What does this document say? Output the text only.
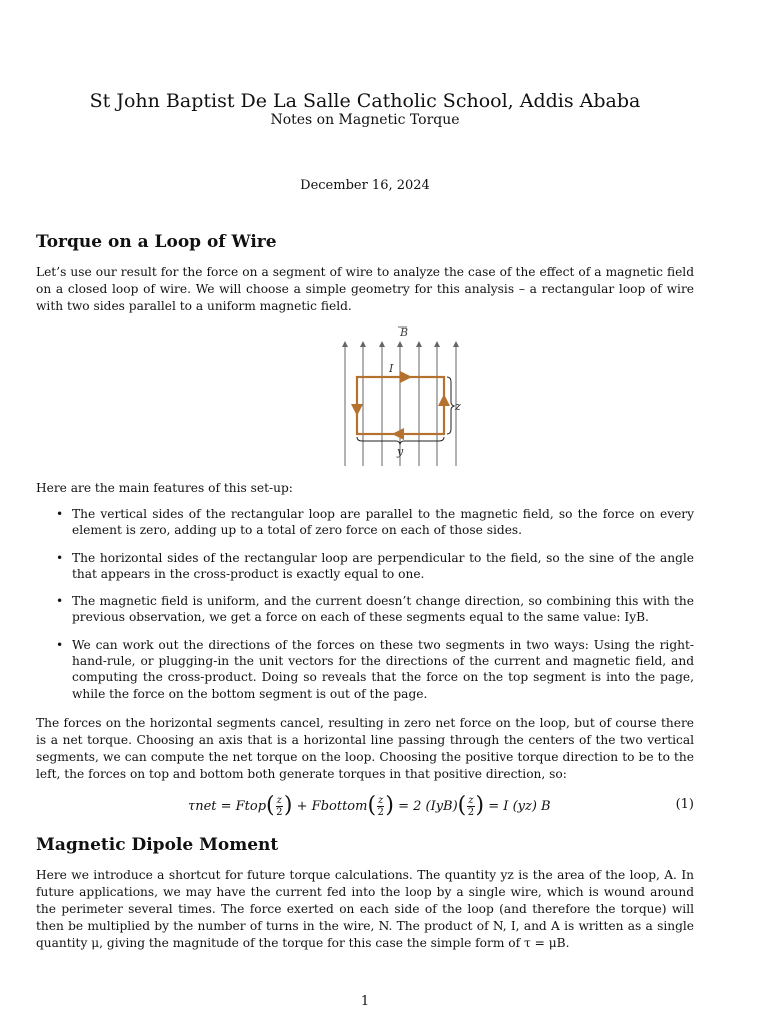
St John Baptist De La Salle Catholic School, Addis Ababa
Notes on Magnetic Torque
December 16, 2024
Torque on a Loop of Wire

Let’s use our result for the force on a segment of wire to analyze the case of the effect of a magnetic field on a closed loop of wire. We will choose a simple geometry for this analysis – a rectangular loop of wire with two sides parallel to a uniform magnetic field.

B
I
z
y

Here are the main features of this set-up:

• The vertical sides of the rectangular loop are parallel to the magnetic field, so the force on every element is zero, adding up to a total of zero force on each of those sides.
• The horizontal sides of the rectangular loop are perpendicular to the field, so the sine of the angle that appears in the cross-product is exactly equal to one.
• The magnetic field is uniform, and the current doesn’t change direction, so combining this with the previous observation, we get a force on each of these segments equal to the same value: IyB.
• We can work out the directions of the forces on these two segments in two ways: Using the right-hand-rule, or plugging-in the unit vectors for the directions of the current and magnetic field, and computing the cross-product. Doing so reveals that the force on the top segment is into the page, while the force on the bottom segment is out of the page.

The forces on the horizontal segments cancel, resulting in zero net force on the loop, but of course there is a net torque. Choosing an axis that is a horizontal line passing through the centers of the two vertical segments, we can compute the net torque on the loop. Choosing the positive torque direction to be to the left, the forces on top and bottom both generate torques in that positive direction, so:

τnet = Ftop ( $\frac{z}{2}$ )
+ Fbottom ( $\frac{z}{2}$ )
= 2 (IyB) ( $\frac{z}{2}$ )
= I (yz) B	(1)
Magnetic Dipole Moment

Here we introduce a shortcut for future torque calculations. The quantity yz is the area of the loop, A. In future applications, we may have the current fed into the loop by a single wire, which is wound around the perimeter several times. The force exerted on each side of the loop (and therefore the torque) will then be multiplied by the number of turns in the wire, N. The product of N, I, and A is written as a single quantity μ, giving the magnitude of the torque for this case the simple form of τ = μB.

1
